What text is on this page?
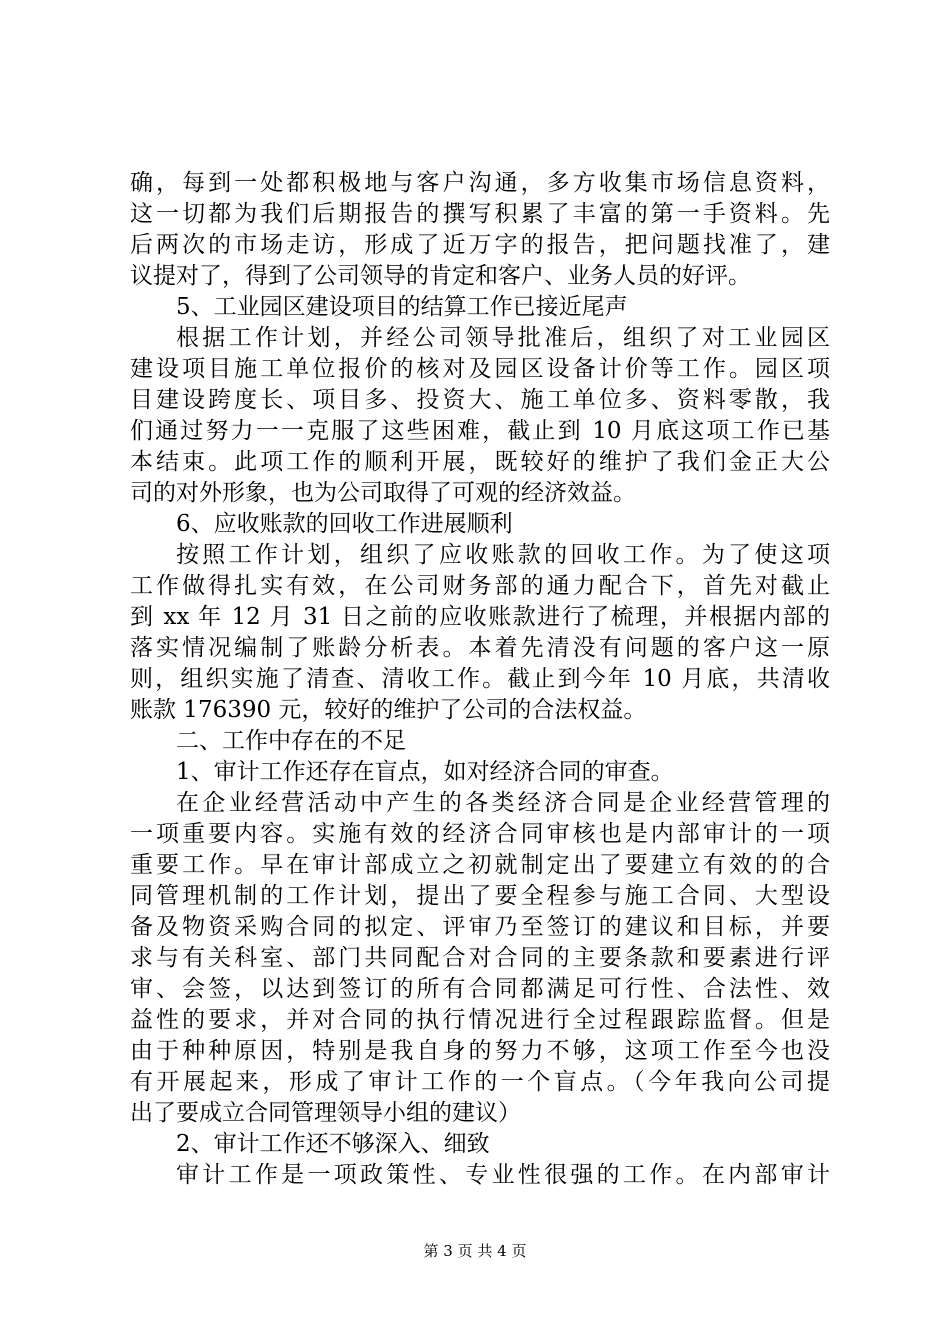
确，每到一处都积极地与客户沟通，多方收集市场信息资料，
这一切都为我们后期报告的撰写积累了丰富的第一手资料。先
后两次的市场走访，形成了近万字的报告，把问题找准了，建
议提对了，得到了公司领导的肯定和客户、业务人员的好评。
5、工业园区建设项目的结算工作已接近尾声
根据工作计划，并经公司领导批准后，组织了对工业园区
建设项目施工单位报价的核对及园区设备计价等工作。园区项
目建设跨度长、项目多、投资大、施工单位多、资料零散，我
们通过努力一一克服了这些困难，截止到 10 月底这项工作已基
本结束。此项工作的顺利开展，既较好的维护了我们金正大公
司的对外形象，也为公司取得了可观的经济效益。
6、应收账款的回收工作进展顺利
按照工作计划，组织了应收账款的回收工作。为了使这项
工作做得扎实有效，在公司财务部的通力配合下，首先对截止
到 xx 年 12 月 31 日之前的应收账款进行了梳理，并根据内部的
落实情况编制了账龄分析表。本着先清没有问题的客户这一原
则，组织实施了清查、清收工作。截止到今年 10 月底，共清收
账款 176390 元，较好的维护了公司的合法权益。
二、工作中存在的不足
1、审计工作还存在盲点，如对经济合同的审查。
在企业经营活动中产生的各类经济合同是企业经营管理的
一项重要内容。实施有效的经济合同审核也是内部审计的一项
重要工作。早在审计部成立之初就制定出了要建立有效的的合
同管理机制的工作计划，提出了要全程参与施工合同、大型设
备及物资采购合同的拟定、评审乃至签订的建议和目标，并要
求与有关科室、部门共同配合对合同的主要条款和要素进行评
审、会签，以达到签订的所有合同都满足可行性、合法性、效
益性的要求，并对合同的执行情况进行全过程跟踪监督。但是
由于种种原因，特别是我自身的努力不够，这项工作至今也没
有开展起来，形成了审计工作的一个盲点。（今年我向公司提
出了要成立合同管理领导小组的建议）
2、审计工作还不够深入、细致
审计工作是一项政策性、专业性很强的工作。在内部审计
第 3 页 共 4 页
